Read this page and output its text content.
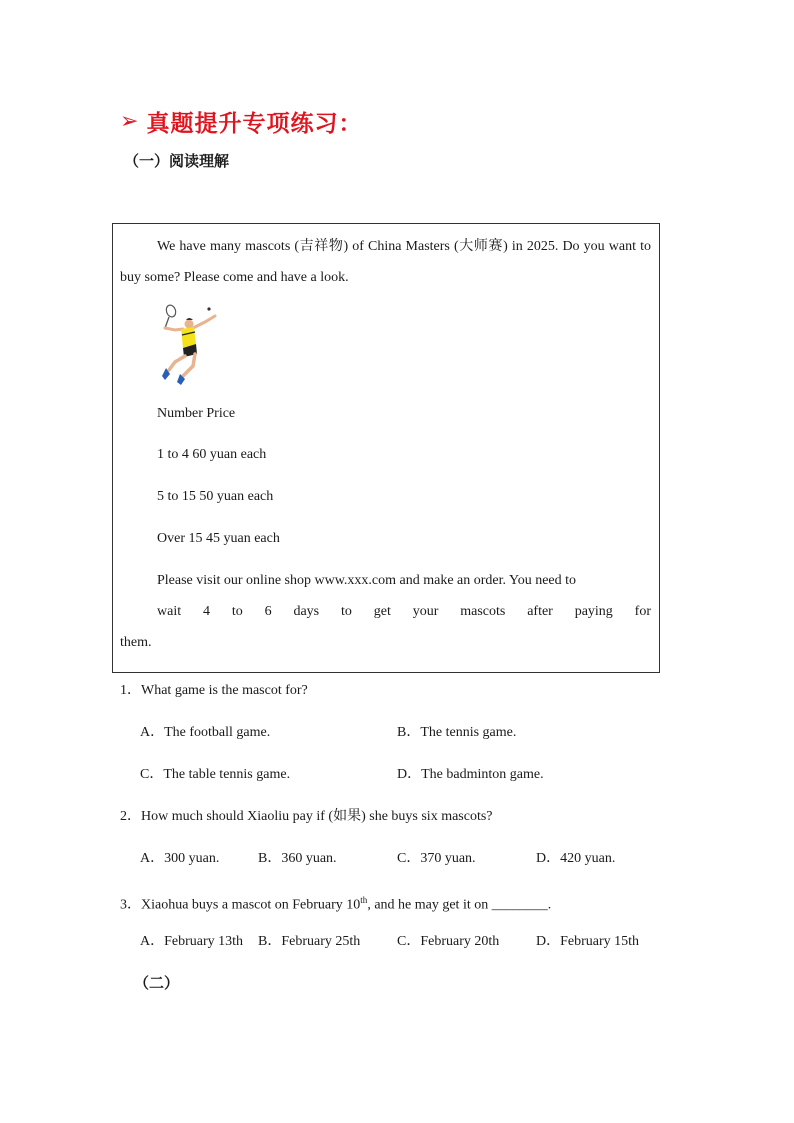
➢ 真题提升专项练习：
（一）阅读理解

We have many mascots (吉祥物) of China Masters (大师赛) in 2025. Do you want to buy some? Please come and have a look.

Number Price

1 to 4 60 yuan each

5 to 15 50 yuan each

Over 15 45 yuan each

Please visit our online shop www.xxx.com and make an order. You need to
wait 4 to 6 days to get your mascots after paying for
them.

1．What game is the mascot for?
A．The football game.	B．The tennis game.
C．The table tennis game.	D．The badminton game.
2．How much should Xiaoliu pay if (如果) she buys six mascots?
A．300 yuan.	B．360 yuan.	C．370 yuan.	D．420 yuan.
3．Xiaohua buys a mascot on February 10th, and he may get it on ________.
A．February 13th B．February 25th	C．February 20th	D．February 15th
（二）
